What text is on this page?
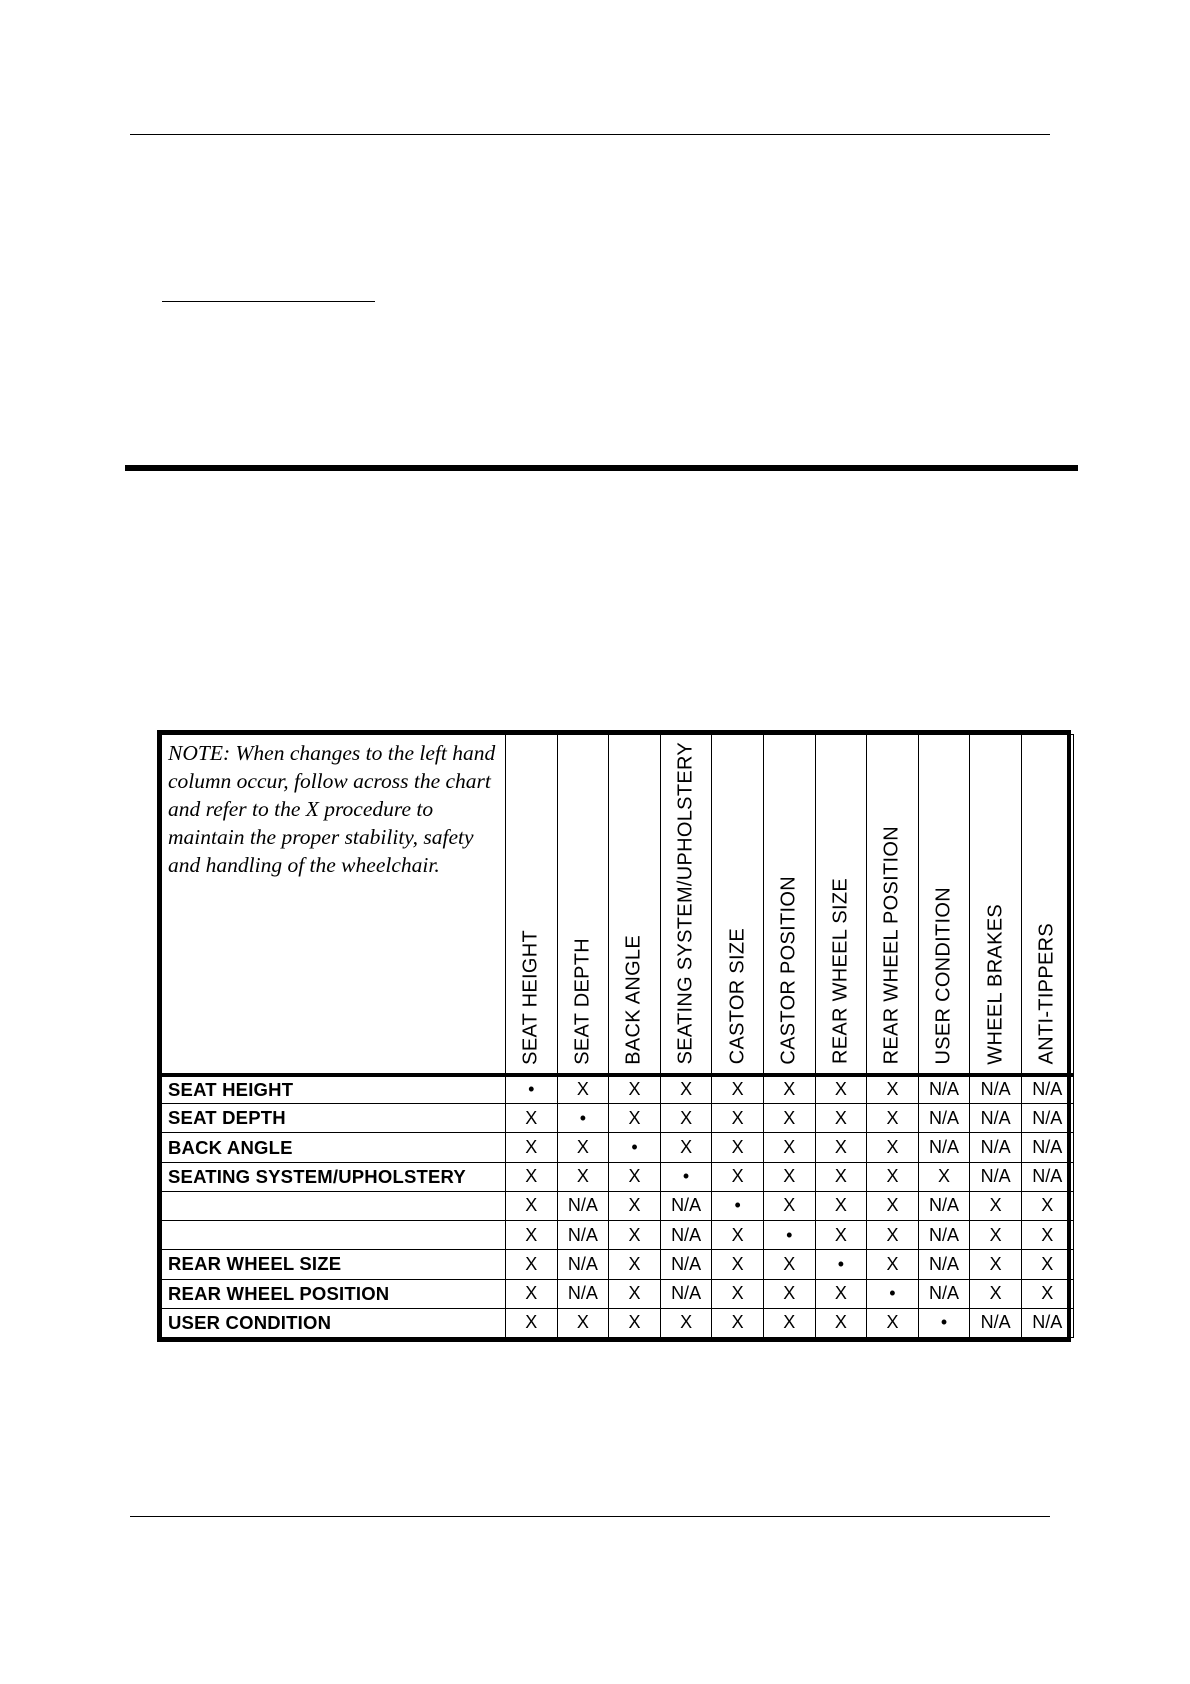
NOTE: When changes to the left hand column occur, follow across the chart and refer to the X procedure to maintain the proper stability, safety and handling of the wheelchair.	SEAT HEIGHT	SEAT DEPTH	BACK ANGLE	SEATING SYSTEM/UPHOLSTERY	CASTOR SIZE	CASTOR POSITION	REAR WHEEL SIZE	REAR WHEEL POSITION	USER CONDITION	WHEEL BRAKES	ANTI-TIPPERS

SEAT HEIGHT	•	X	X	X	X	X	X	X	N/A	N/A	N/A
SEAT DEPTH	X	•	X	X	X	X	X	X	N/A	N/A	N/A
BACK ANGLE	X	X	•	X	X	X	X	X	N/A	N/A	N/A
SEATING SYSTEM/UPHOLSTERY	X	X	X	•	X	X	X	X	X	N/A	N/A
	X	N/A	X	N/A	•	X	X	X	N/A	X	X
	X	N/A	X	N/A	X	•	X	X	N/A	X	X
REAR WHEEL SIZE	X	N/A	X	N/A	X	X	•	X	N/A	X	X
REAR WHEEL POSITION	X	N/A	X	N/A	X	X	X	•	N/A	X	X
USER CONDITION	X	X	X	X	X	X	X	X	•	N/A	N/A
